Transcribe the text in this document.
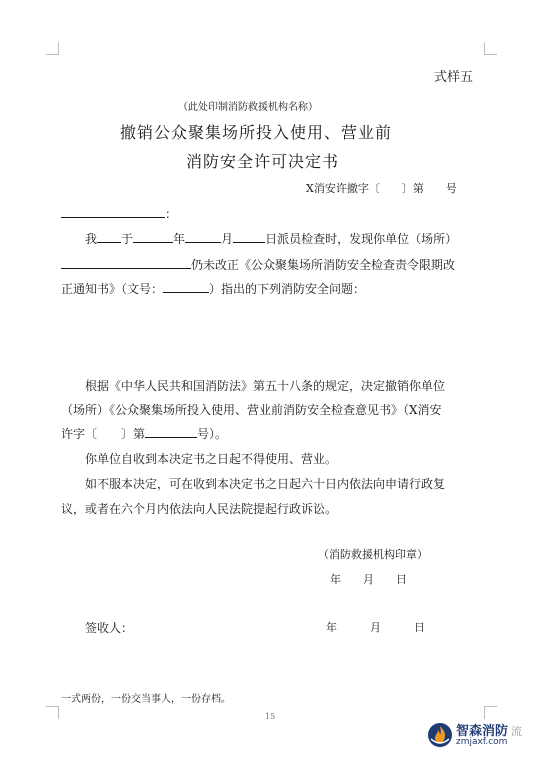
式样五
（此处印制消防救援机构名称）
撤销公众聚集场所投入使用、营业前
消防安全许可决定书
X消安许撤字〔　　〕第　　号
：
我 于	年	月	日派员检查时，发现你单位（场所）
仍未改正《公众聚集场所消防安全检查责令限期改
正通知书》（文号：	）指出的下列消防安全问题：
根据《中华人民共和国消防法》第五十八条的规定，决定撤销你单位
（场所）《公众聚集场所投入使用、营业前消防安全检查意见书》（X消安
许字〔　　〕第	号）。
你单位自收到本决定书之日起不得使用、营业。
如不服本决定，可在收到本决定书之日起六十日内依法向申请行政复
议，或者在六个月内依法向人民法院提起行政诉讼。
（消防救援机构印章）
年　　月　　日
签收人：	年　　　月　　　日
一式两份，一份交当事人，一份存档。
15
智森消防
zmjaxf.com
流
